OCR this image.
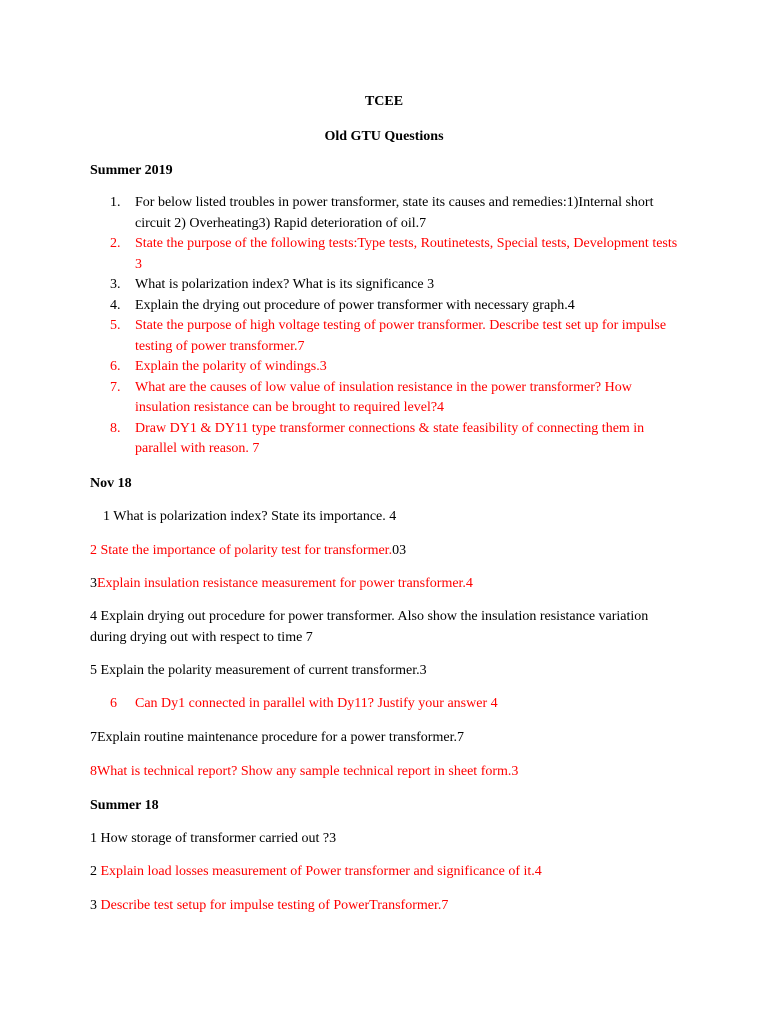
TCEE
Old GTU Questions
Summer 2019
1.	For below listed troubles in power transformer, state its causes and remedies:1)Internal short circuit 2) Overheating3) Rapid deterioration of oil.7
2.	State the purpose of the following tests:Type tests, Routinetests, Special tests, Development tests 3
3.	What is polarization index? What is its significance 3
4.	Explain the drying out procedure of power transformer with necessary graph.4
5.	State the purpose of high voltage testing of power transformer. Describe test set up for impulse testing of power transformer.7
6.	Explain the polarity of windings.3
7.	What are the causes of low value of insulation resistance in the power transformer? How insulation resistance can be brought to required level?4
8.	Draw DY1 & DY11 type transformer connections & state feasibility of connecting them in parallel with reason. 7
Nov 18
1 What is polarization index? State its importance. 4
2 State the importance of polarity test for transformer.03
3Explain insulation resistance measurement for power transformer.4
4 Explain drying out procedure for power transformer. Also show the insulation resistance variation during drying out with respect to time 7
5 Explain the polarity measurement of current transformer.3
6 Can Dy1 connected in parallel with Dy11? Justify your answer 4
7Explain routine maintenance procedure for a power transformer.7
8What is technical report? Show any sample technical report in sheet form.3
Summer 18
1 How storage of transformer carried out ?3
2 Explain load losses measurement of Power transformer and significance of it.4
3 Describe test setup for impulse testing of PowerTransformer.7
